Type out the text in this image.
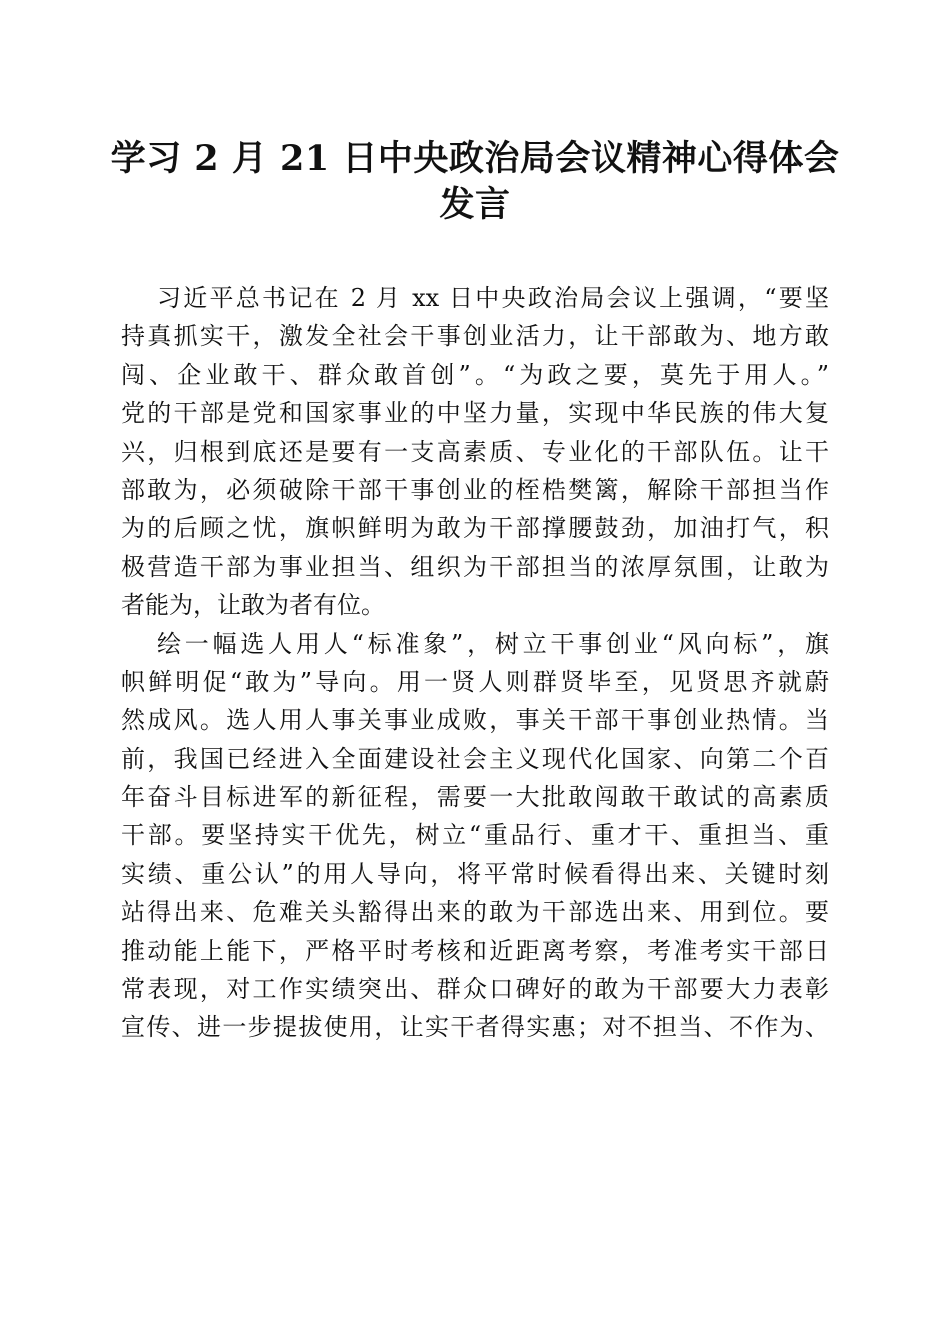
学习 2 月 21 日中央政治局会议精神心得体会
发言
习近平总书记在 2 月 xx 日中央政治局会议上强调，“要坚
持真抓实干，激发全社会干事创业活力，让干部敢为、地方敢
闯、企业敢干、群众敢首创”。“为政之要，莫先于用人。”
党的干部是党和国家事业的中坚力量，实现中华民族的伟大复
兴，归根到底还是要有一支高素质、专业化的干部队伍。让干
部敢为，必须破除干部干事创业的桎梏樊篱，解除干部担当作
为的后顾之忧，旗帜鲜明为敢为干部撑腰鼓劲，加油打气，积
极营造干部为事业担当、组织为干部担当的浓厚氛围，让敢为
者能为，让敢为者有位。
绘一幅选人用人“标准象”，树立干事创业“风向标”，旗
帜鲜明促“敢为”导向。用一贤人则群贤毕至，见贤思齐就蔚
然成风。选人用人事关事业成败，事关干部干事创业热情。当
前，我国已经进入全面建设社会主义现代化国家、向第二个百
年奋斗目标进军的新征程，需要一大批敢闯敢干敢试的高素质
干部。要坚持实干优先，树立“重品行、重才干、重担当、重
实绩、重公认”的用人导向，将平常时候看得出来、关键时刻
站得出来、危难关头豁得出来的敢为干部选出来、用到位。要
推动能上能下，严格平时考核和近距离考察，考准考实干部日
常表现，对工作实绩突出、群众口碑好的敢为干部要大力表彰
宣传、进一步提拔使用，让实干者得实惠；对不担当、不作为、
